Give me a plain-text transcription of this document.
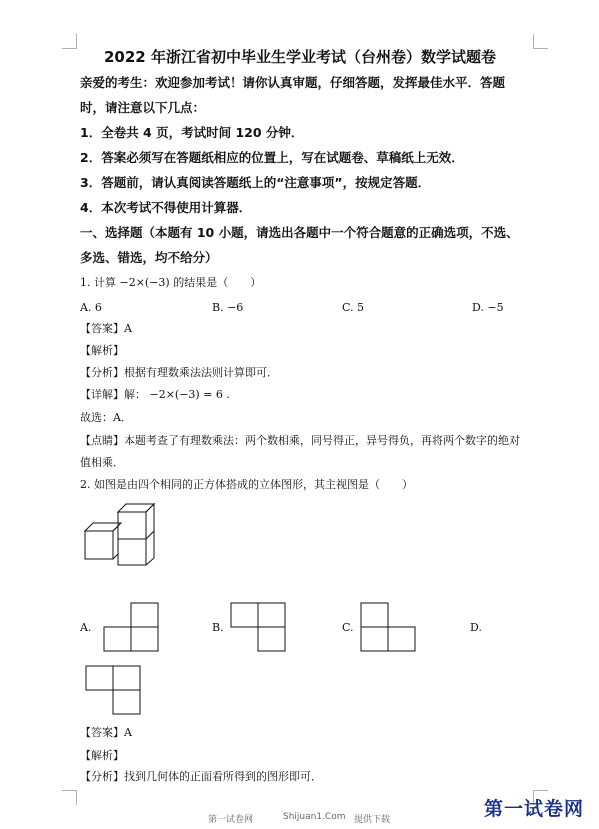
2022 年浙江省初中毕业生学业考试（台州卷）数学试题卷
亲爱的考生：欢迎参加考试！请你认真审题，仔细答题，发挥最佳水平．答题
时，请注意以下几点：
1．全卷共 4 页，考试时间 120 分钟．
2．答案必须写在答题纸相应的位置上，写在试题卷、草稿纸上无效．
3．答题前，请认真阅读答题纸上的“注意事项”，按规定答题．
4．本次考试不得使用计算器．
一、选择题（本题有 10 小题，请选出各题中一个符合题意的正确选项，不选、
多选、错选，均不给分）
1. 计算 −2×(−3) 的结果是（　　）
A. 6	B. −6	C. 5	D. −5
【答案】A
【解析】
【分析】根据有理数乘法法则计算即可．
【详解】解： −2×(−3) = 6 .
故选：A．
【点睛】本题考查了有理数乘法：两个数相乘，同号得正，异号得负，再将两个数字的绝对
值相乘．
2. 如图是由四个相同的正方体搭成的立体图形，其主视图是（　　）
A.	B.	C.	D.
【答案】A
【解析】
【分析】找到几何体的正面看所得到的图形即可．
第一试卷网	Shijuan1.Com 提供下载	第一试卷网
